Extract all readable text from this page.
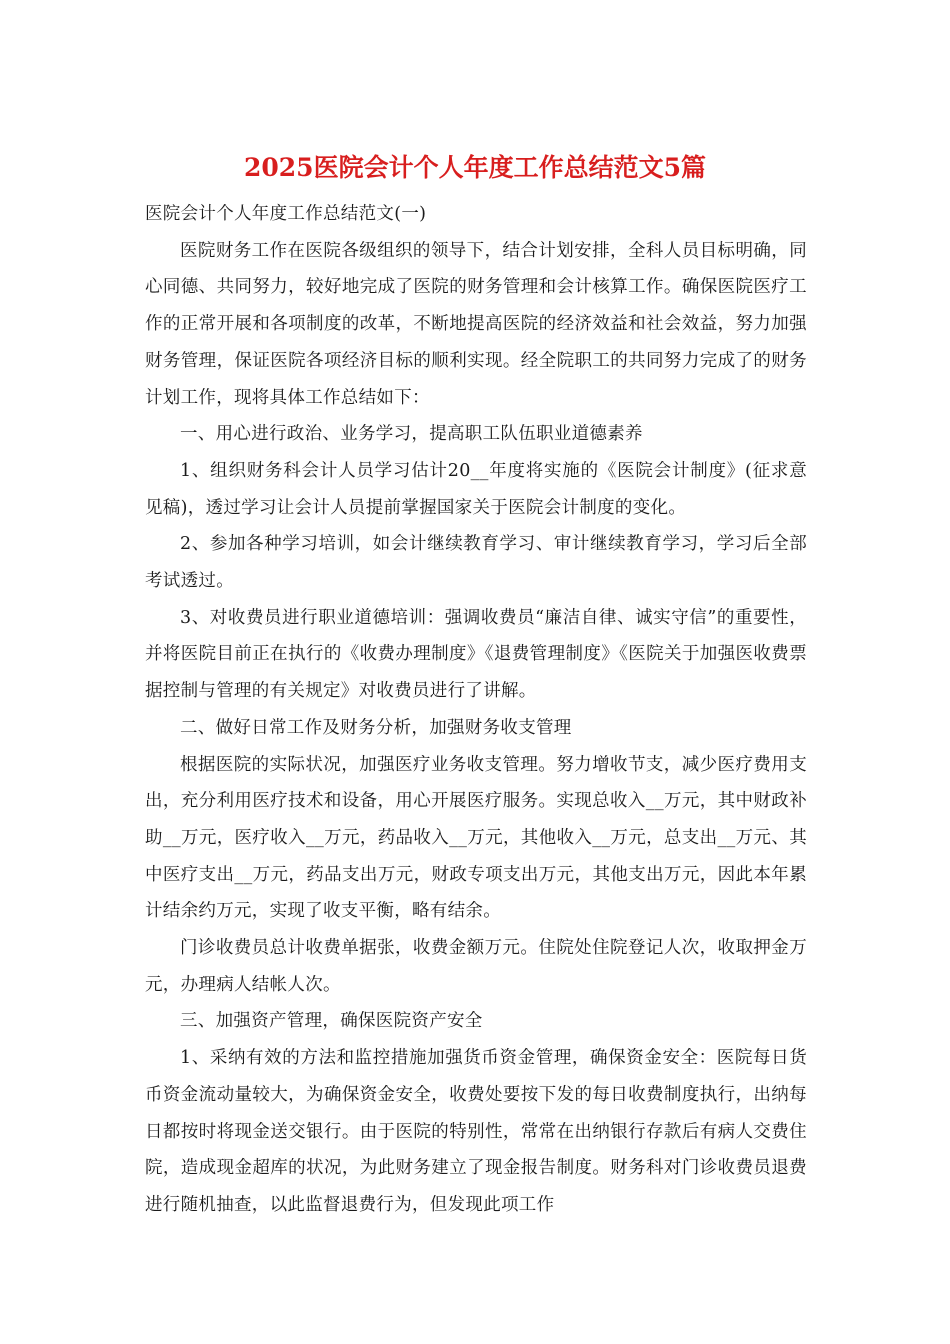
2025医院会计个人年度工作总结范文5篇

医院会计个人年度工作总结范文(一)

医院财务工作在医院各级组织的领导下，结合计划安排，全科人员目标明确，同心同德、共同努力，较好地完成了医院的财务管理和会计核算工作。确保医院医疗工作的正常开展和各项制度的改革，不断地提高医院的经济效益和社会效益，努力加强财务管理，保证医院各项经济目标的顺利实现。经全院职工的共同努力完成了的财务计划工作，现将具体工作总结如下：

一、用心进行政治、业务学习，提高职工队伍职业道德素养

1、组织财务科会计人员学习估计20__年度将实施的《医院会计制度》(征求意见稿)，透过学习让会计人员提前掌握国家关于医院会计制度的变化。

2、参加各种学习培训，如会计继续教育学习、审计继续教育学习，学习后全部考试透过。

3、对收费员进行职业道德培训：强调收费员“廉洁自律、诚实守信”的重要性，并将医院目前正在执行的《收费办理制度》《退费管理制度》《医院关于加强医收费票据控制与管理的有关规定》对收费员进行了讲解。

二、做好日常工作及财务分析，加强财务收支管理

根据医院的实际状况，加强医疗业务收支管理。努力增收节支，减少医疗费用支出，充分利用医疗技术和设备，用心开展医疗服务。实现总收入__万元，其中财政补助__万元，医疗收入__万元，药品收入__万元，其他收入__万元，总支出__万元、其中医疗支出__万元，药品支出万元，财政专项支出万元，其他支出万元，因此本年累计结余约万元，实现了收支平衡，略有结余。

门诊收费员总计收费单据张，收费金额万元。住院处住院登记人次，收取押金万元，办理病人结帐人次。

三、加强资产管理，确保医院资产安全

1、采纳有效的方法和监控措施加强货币资金管理，确保资金安全：医院每日货币资金流动量较大，为确保资金安全，收费处要按下发的每日收费制度执行，出纳每日都按时将现金送交银行。由于医院的特别性，常常在出纳银行存款后有病人交费住院，造成现金超库的状况，为此财务建立了现金报告制度。财务科对门诊收费员退费进行随机抽查，以此监督退费行为，但发现此项工作
